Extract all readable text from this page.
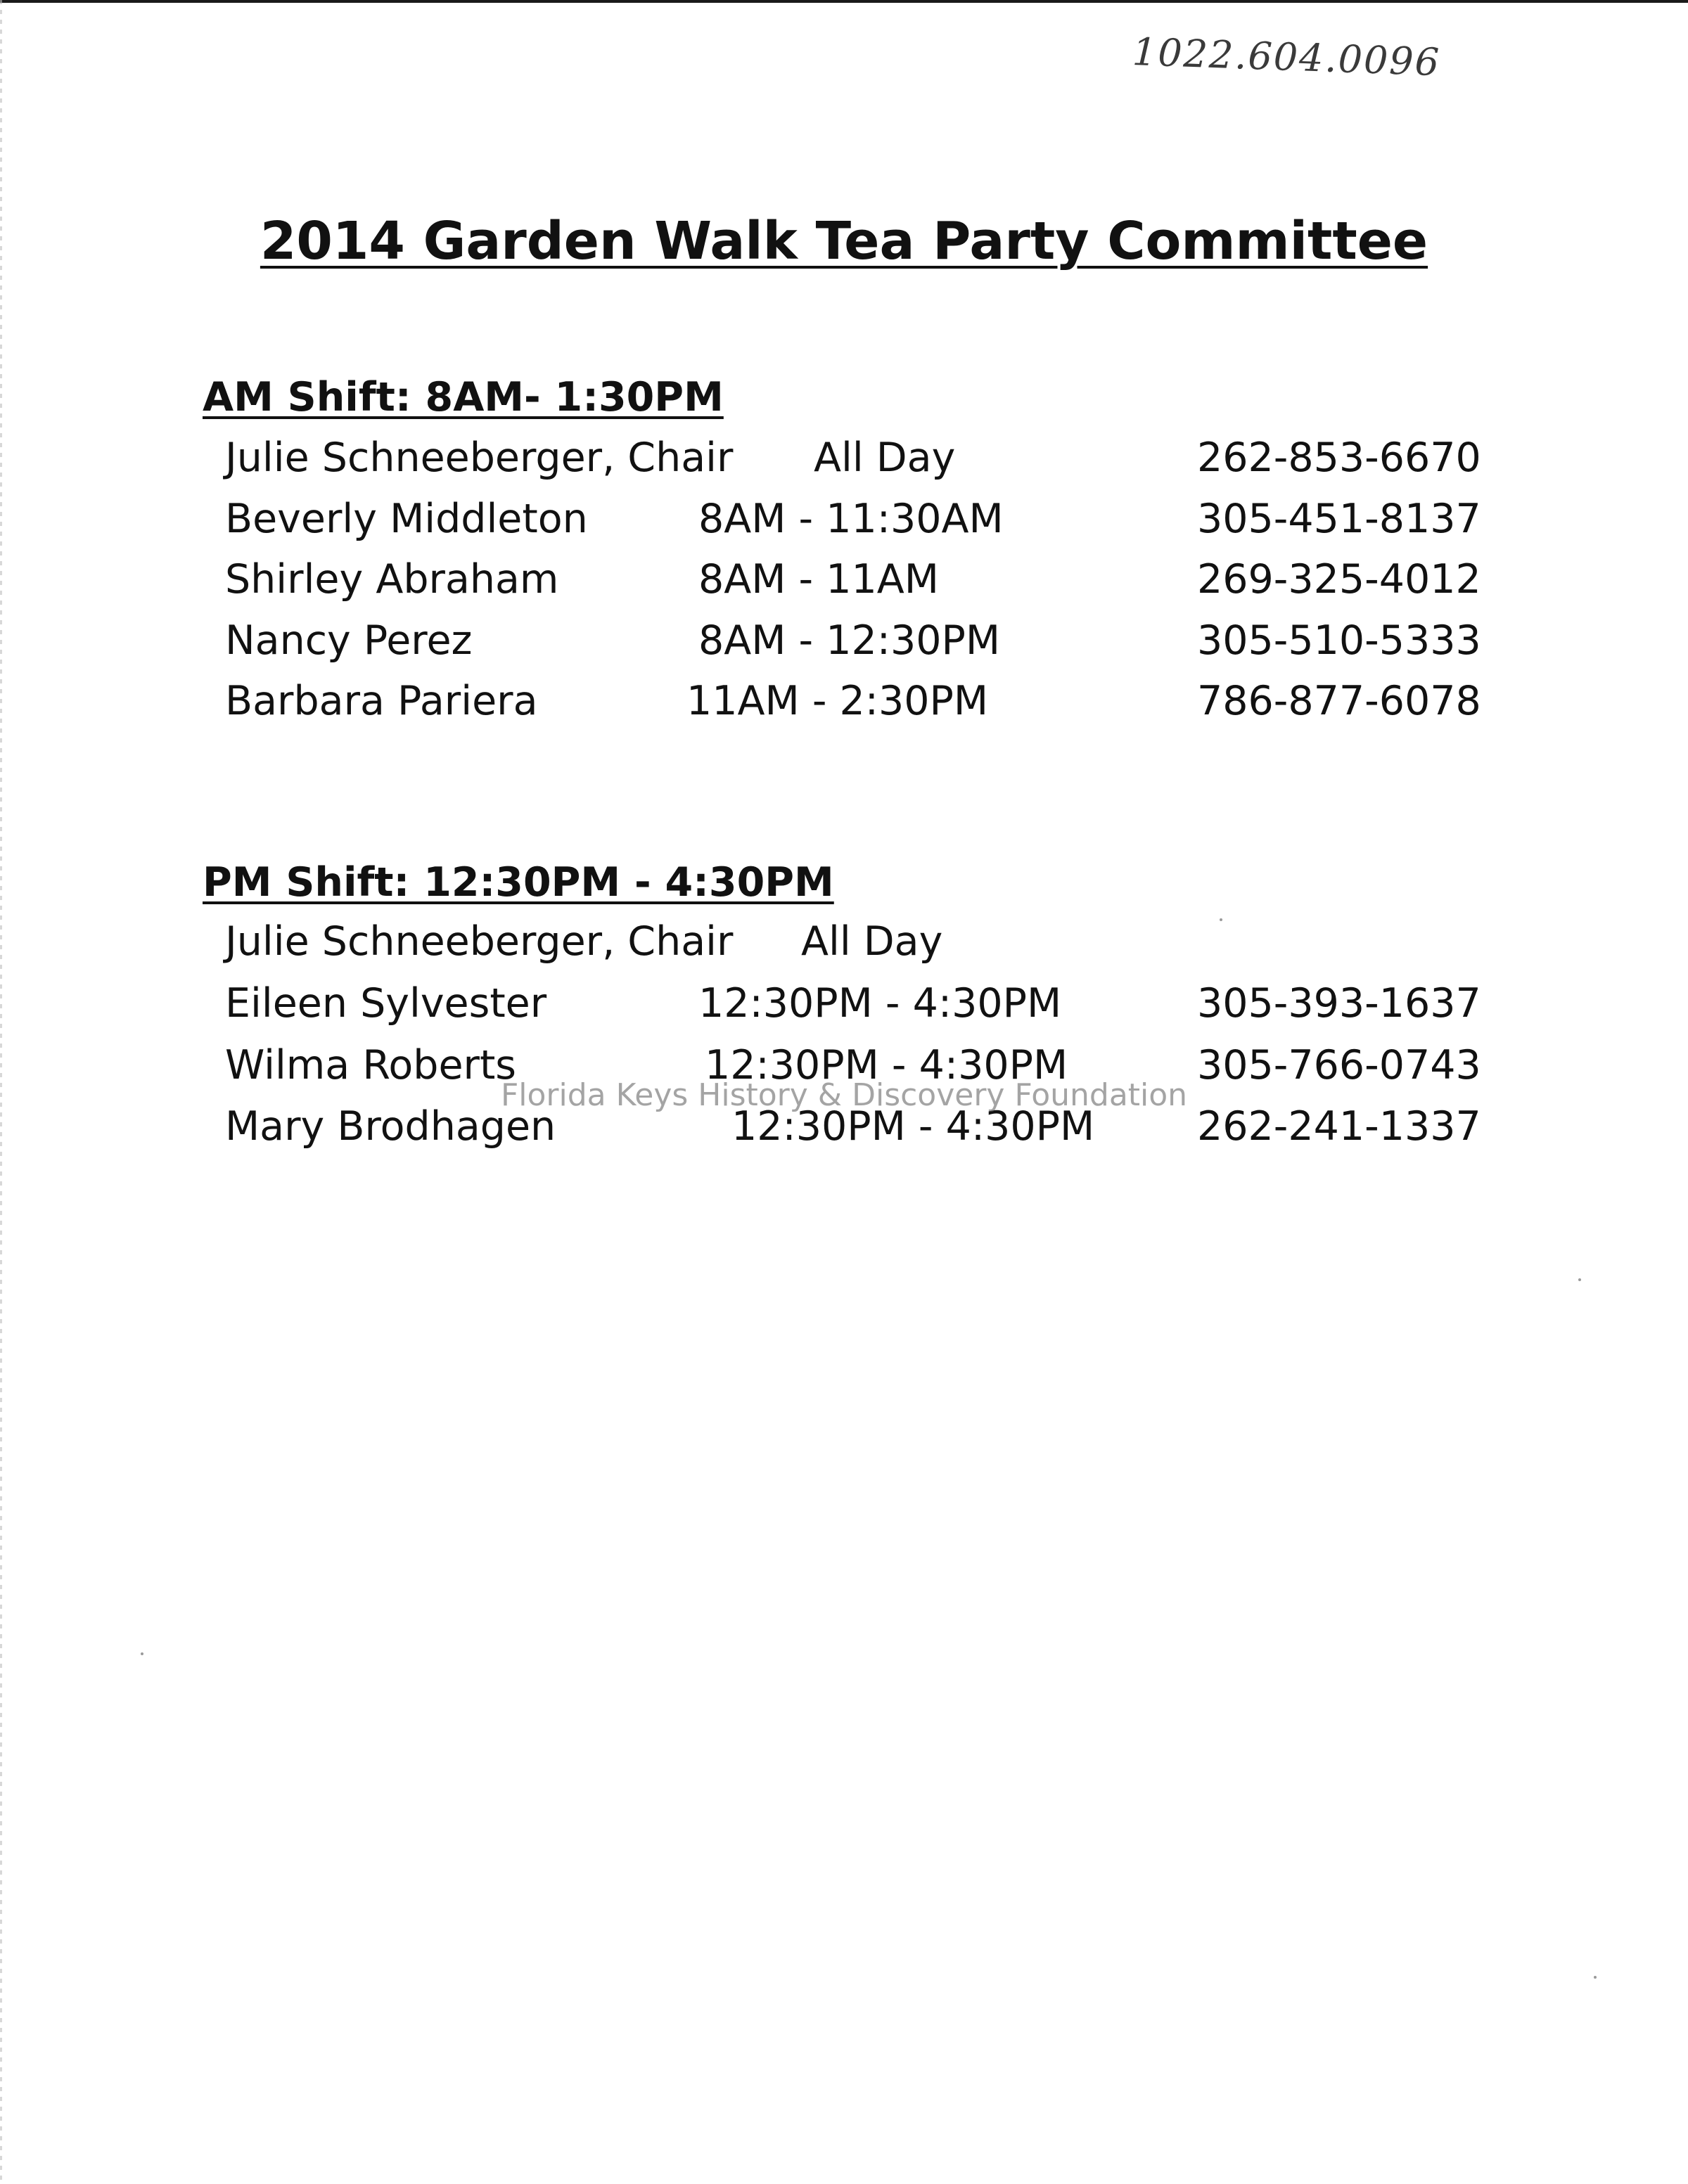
1022.604.0096
2014 Garden Walk Tea Party Committee
AM Shift: 8AM- 1:30PM
Julie Schneeberger, Chair All Day	262-853-6670
Beverly Middleton	8AM - 11:30AM	305-451-8137
Shirley Abraham	8AM - 11AM	269-325-4012
Nancy Perez	8AM - 12:30PM	305-510-5333
Barbara Pariera	11AM - 2:30PM	786-877-6078
PM Shift: 12:30PM - 4:30PM
Julie Schneeberger, Chair All Day
Eileen Sylvester	12:30PM - 4:30PM	305-393-1637
Wilma Roberts	12:30PM - 4:30PM	305-766-0743
Mary Brodhagen	12:30PM - 4:30PM	262-241-1337
Florida Keys History & Discovery Foundation
